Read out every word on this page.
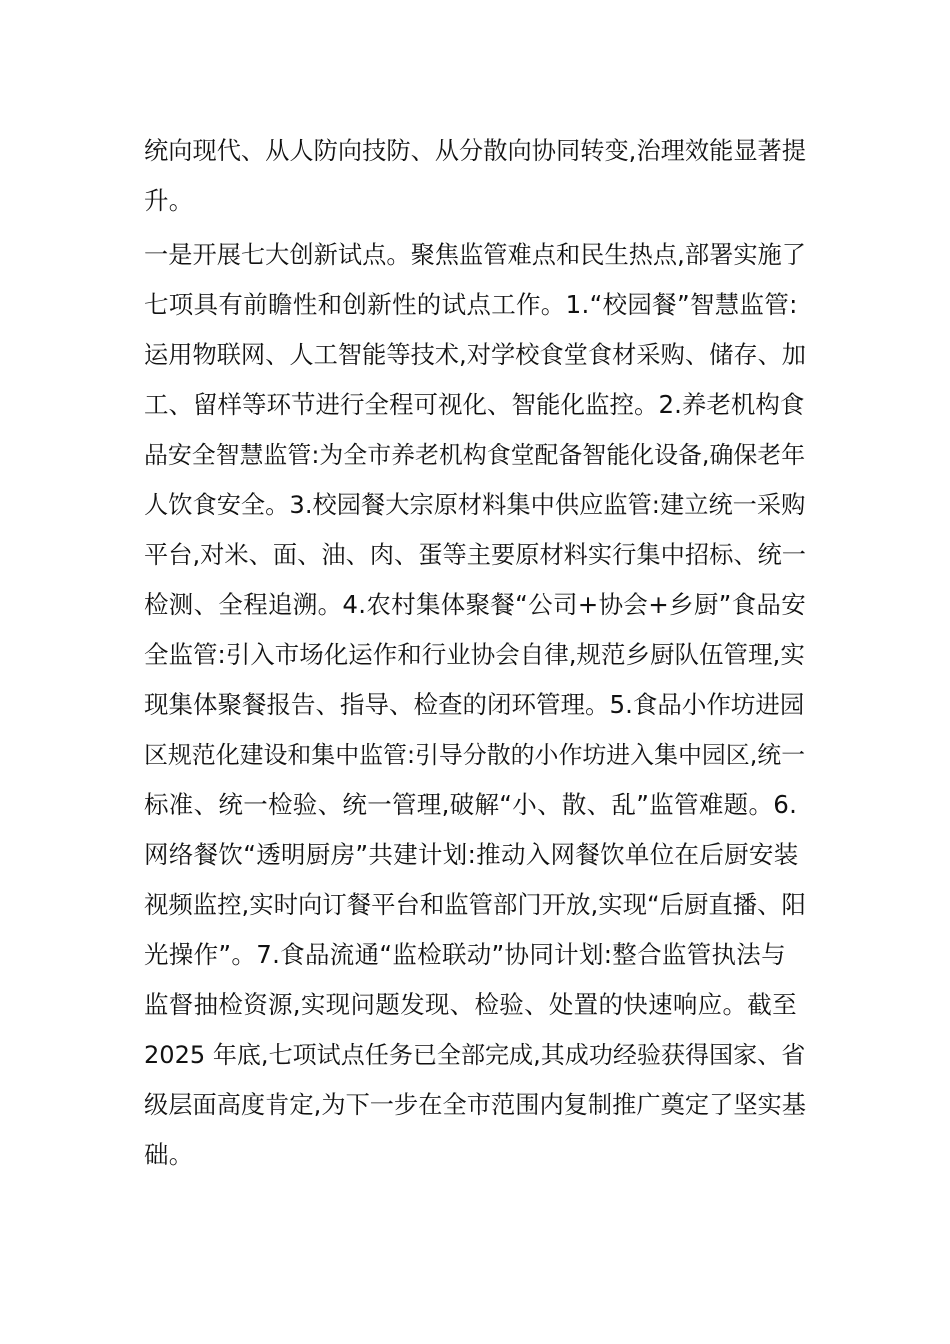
统向现代、从人防向技防、从分散向协同转变,治理效能显著提
升。
一是开展七大创新试点。聚焦监管难点和民生热点,部署实施了
七项具有前瞻性和创新性的试点工作。1.“校园餐”智慧监管:
运用物联网、人工智能等技术,对学校食堂食材采购、储存、加
工、留样等环节进行全程可视化、智能化监控。2.养老机构食
品安全智慧监管:为全市养老机构食堂配备智能化设备,确保老年
人饮食安全。3.校园餐大宗原材料集中供应监管:建立统一采购
平台,对米、面、油、肉、蛋等主要原材料实行集中招标、统一
检测、全程追溯。4.农村集体聚餐“公司+协会+乡厨”食品安
全监管:引入市场化运作和行业协会自律,规范乡厨队伍管理,实
现集体聚餐报告、指导、检查的闭环管理。5.食品小作坊进园
区规范化建设和集中监管:引导分散的小作坊进入集中园区,统一
标准、统一检验、统一管理,破解“小、散、乱”监管难题。6.
网络餐饮“透明厨房”共建计划:推动入网餐饮单位在后厨安装
视频监控,实时向订餐平台和监管部门开放,实现“后厨直播、阳
光操作”。7.食品流通“监检联动”协同计划:整合监管执法与
监督抽检资源,实现问题发现、检验、处置的快速响应。截至
2025 年底,七项试点任务已全部完成,其成功经验获得国家、省
级层面高度肯定,为下一步在全市范围内复制推广奠定了坚实基
础。
